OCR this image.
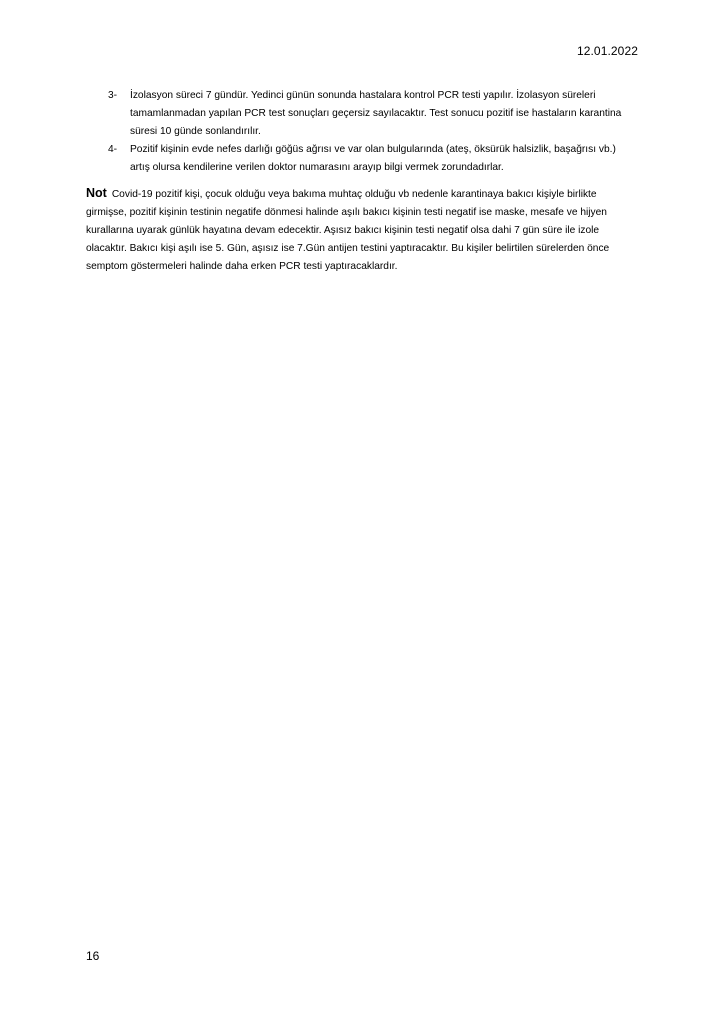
12.01.2022
3-	İzolasyon süreci 7 gündür. Yedinci günün sonunda hastalara kontrol PCR testi yapılır. İzolasyon süreleri tamamlanmadan yapılan PCR test sonuçları geçersiz sayılacaktır. Test sonucu pozitif ise hastaların karantina süresi 10 günde sonlandırılır.
4-	Pozitif kişinin evde nefes darlığı göğüs ağrısı ve var olan bulgularında (ateş, öksürük halsizlik, başağrısı vb.) artış olursa kendilerine verilen doktor numarasını arayıp bilgi vermek zorundadırlar.
Not Covid-19 pozitif kişi, çocuk olduğu veya bakıma muhtaç olduğu vb nedenle karantinaya bakıcı kişiyle birlikte girmişse, pozitif kişinin testinin negatife dönmesi halinde aşılı bakıcı kişinin testi negatif ise maske, mesafe ve hijyen kurallarına uyarak günlük hayatına devam edecektir. Aşısız bakıcı kişinin testi negatif olsa dahi 7 gün süre ile izole olacaktır. Bakıcı kişi aşılı ise 5. Gün, aşısız ise 7.Gün antijen testini yaptıracaktır. Bu kişiler belirtilen sürelerden önce semptom göstermeleri halinde daha erken PCR testi yaptıracaklardır.
16
